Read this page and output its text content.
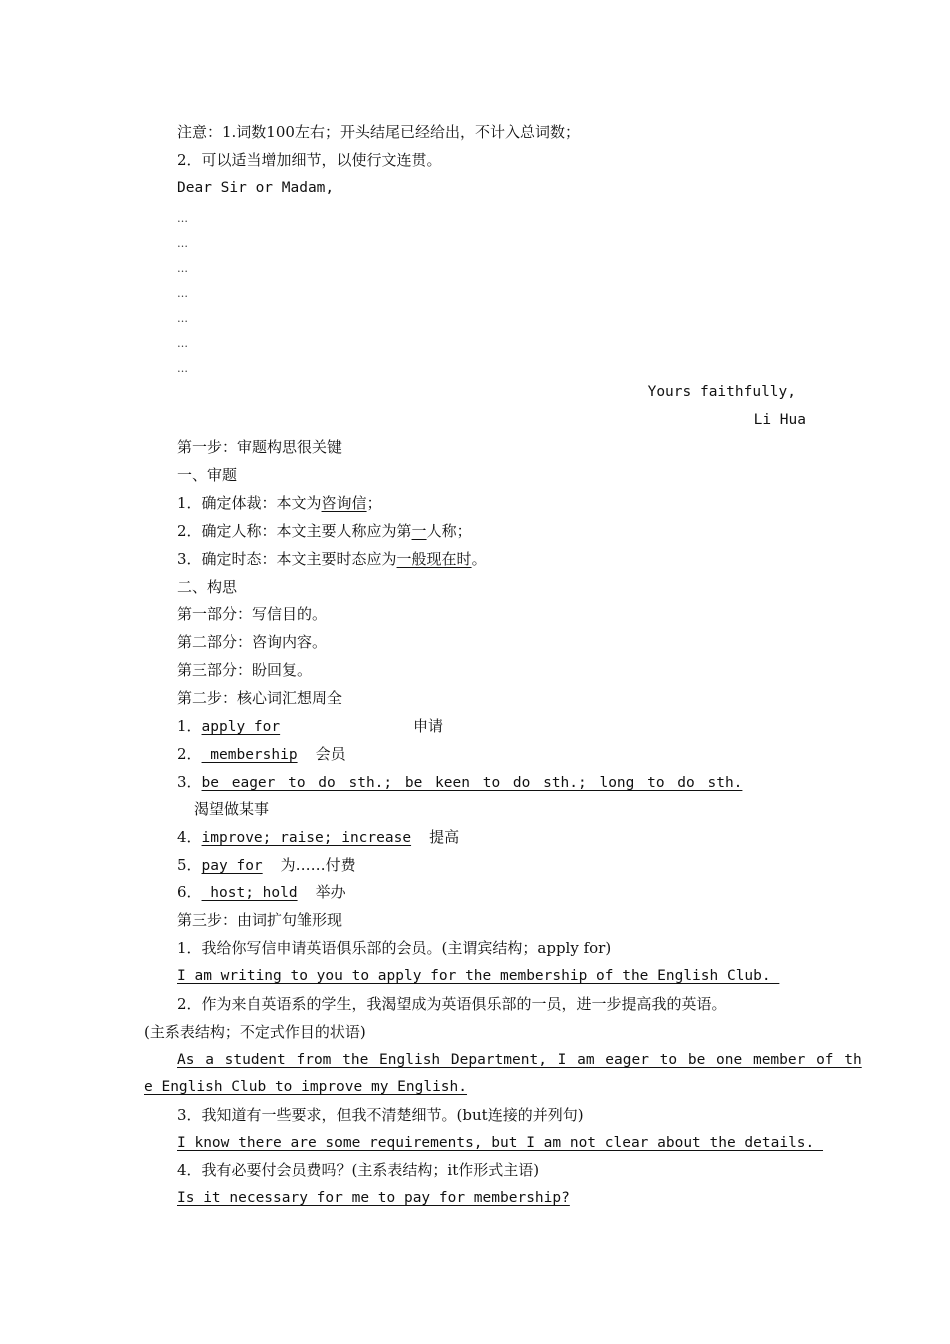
注意：1.词数100左右；开头结尾已经给出，不计入总词数；
2．可以适当增加细节，以使行文连贯。
Dear Sir or Madam,
…
…
…
…
…
…
…
Yours faithfully,
Li Hua
第一步：审题构思很关键
一、审题
1．确定体裁：本文为咨询信；
2．确定人称：本文主要人称应为第一人称；
3．确定时态：本文主要时态应为一般现在时。
二、构思
第一部分：写信目的。
第二部分：咨询内容。
第三部分：盼回复。
第二步：核心词汇想周全
1．apply for	申请
2． membership 会员
3．be eager to do sth.; be keen to do sth.; long to do sth.
渴望做某事
4．improve; raise; increase 提高
5．pay for 为……付费
6． host; hold 举办
第三步：由词扩句雏形现
1．我给你写信申请英语俱乐部的会员。(主谓宾结构；apply for)
I am writing to you to apply for the membership of the English Club.
2．作为来自英语系的学生，我渴望成为英语俱乐部的一员，进一步提高我的英语。
(主系表结构；不定式作目的状语)
As a student from the English Department, I am eager to be one member of th
e English Club to improve my English.
3．我知道有一些要求，但我不清楚细节。(but连接的并列句)
I know there are some requirements, but I am not clear about the details.
4．我有必要付会员费吗？(主系表结构；it作形式主语)
Is it necessary for me to pay for membership?
